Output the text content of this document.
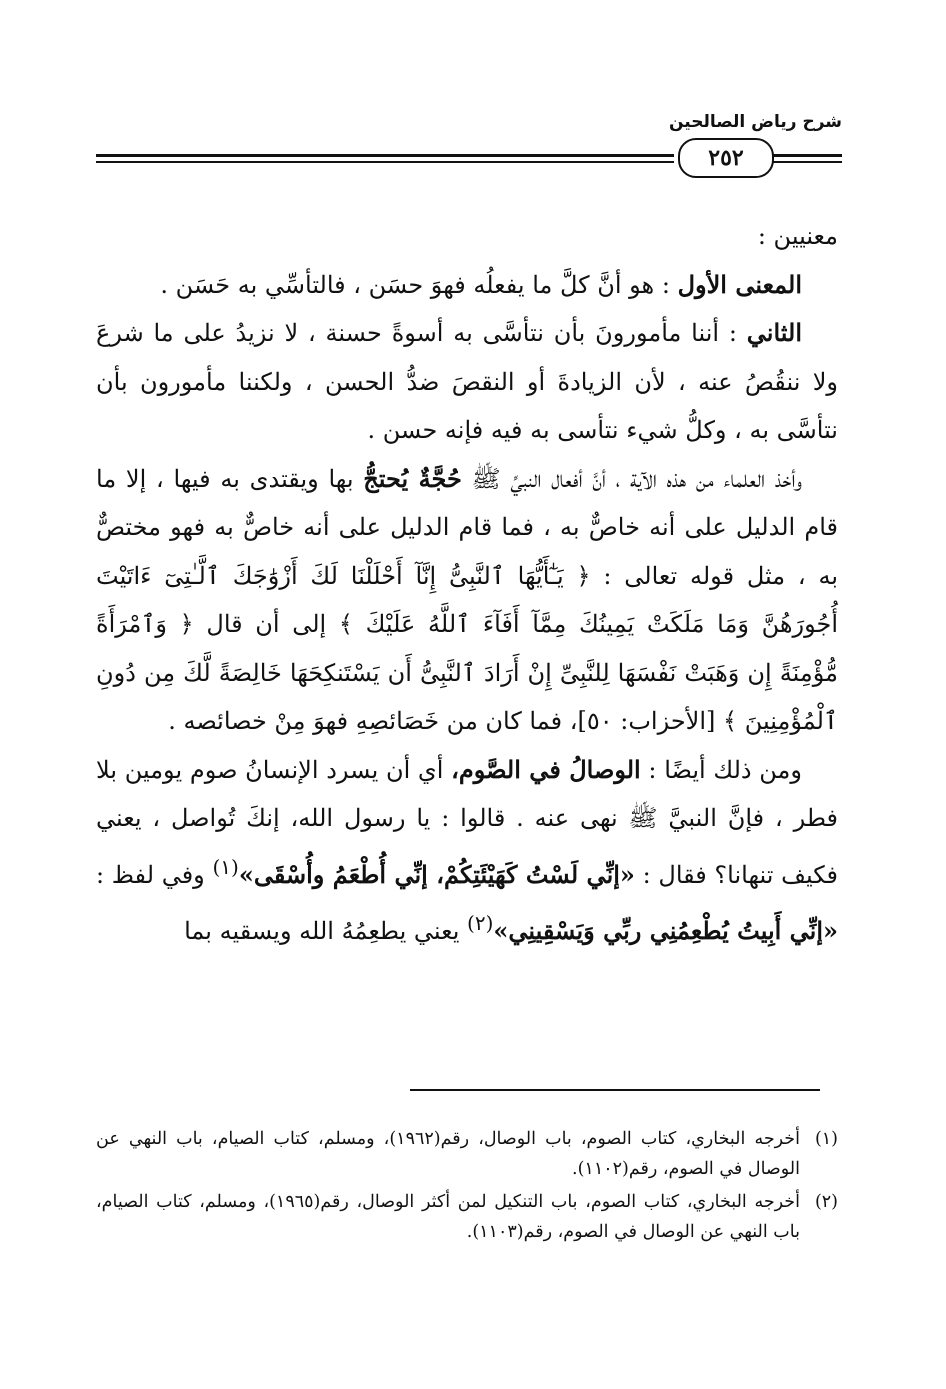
شرح رياض الصالحين
٢٥٢

معنيين :

المعنى الأول : هو أنَّ كلَّ ما يفعلُه فهوَ حسَن ، فالتأسِّي به حَسَن .

الثاني : أننا مأمورونَ بأن نتأسَّى به أسوةً حسنة ، لا نزيدُ على ما شرعَ ولا ننقُصُ عنه ، لأن الزيادةَ أو النقصَ ضدُّ الحسن ، ولكننا مأمورون بأن نتأسَّى به ، وكلُّ شيء نتأسى به فيه فإنه حسن .

وأخذ العلماء من هذه الآية ، أنَّ أفعال النبيِّ ﷺ حُجَّةٌ يُحتجُّ بها ويقتدى به فيها ، إلا ما قام الدليل على أنه خاصٌّ به ، فما قام الدليل على أنه خاصٌّ به فهو مختصٌّ به ، مثل قوله تعالى : ﴿ يَـٰٓأَيُّهَا ٱلنَّبِىُّ إِنَّآ أَحْلَلْنَا لَكَ أَزْوَٰجَكَ ٱلَّـٰتِىٓ ءَاتَيْتَ أُجُورَهُنَّ وَمَا مَلَكَتْ يَمِينُكَ مِمَّآ أَفَآءَ ٱللَّهُ عَلَيْكَ ﴾ إلى أن قال ﴿ وَٱمْرَأَةً مُّؤْمِنَةً إِن وَهَبَتْ نَفْسَهَا لِلنَّبِىِّ إِنْ أَرَادَ ٱلنَّبِىُّ أَن يَسْتَنكِحَهَا خَالِصَةً لَّكَ مِن دُونِ ٱلْمُؤْمِنِينَ ﴾ [الأحزاب: ٥٠]، فما كان من خَصَائصِهِ فهوَ مِنْ خصائصه .

ومن ذلك أيضًا : الوصالُ في الصَّوم، أي أن يسرد الإنسانُ صوم يومين بلا فطر ، فإنَّ النبيَّ ﷺ نهى عنه . قالوا : يا رسول الله، إنكَ تُواصل ، يعني فكيف تنهانا؟ فقال : «إنِّي لَسْتُ كَهَيْئَتِكُمْ، إنِّي أُطْعَمُ وأُسْقَى»$^{(١)}$ وفي لفظ : «إنِّي أَبِيتُ يُطْعِمُنِي ربِّي وَيَسْقِينِي»$^{(٢)}$ يعني يطعِمُهُ الله ويسقيه بما

(١)
أخرجه البخاري، كتاب الصوم، باب الوصال، رقم(١٩٦٢)، ومسلم، كتاب الصيام، باب النهي عن الوصال في الصوم، رقم(١١٠٢).
(٢)
أخرجه البخاري، كتاب الصوم، باب التنكيل لمن أكثر الوصال، رقم(١٩٦٥)، ومسلم، كتاب الصيام، باب النهي عن الوصال في الصوم، رقم(١١٠٣).
